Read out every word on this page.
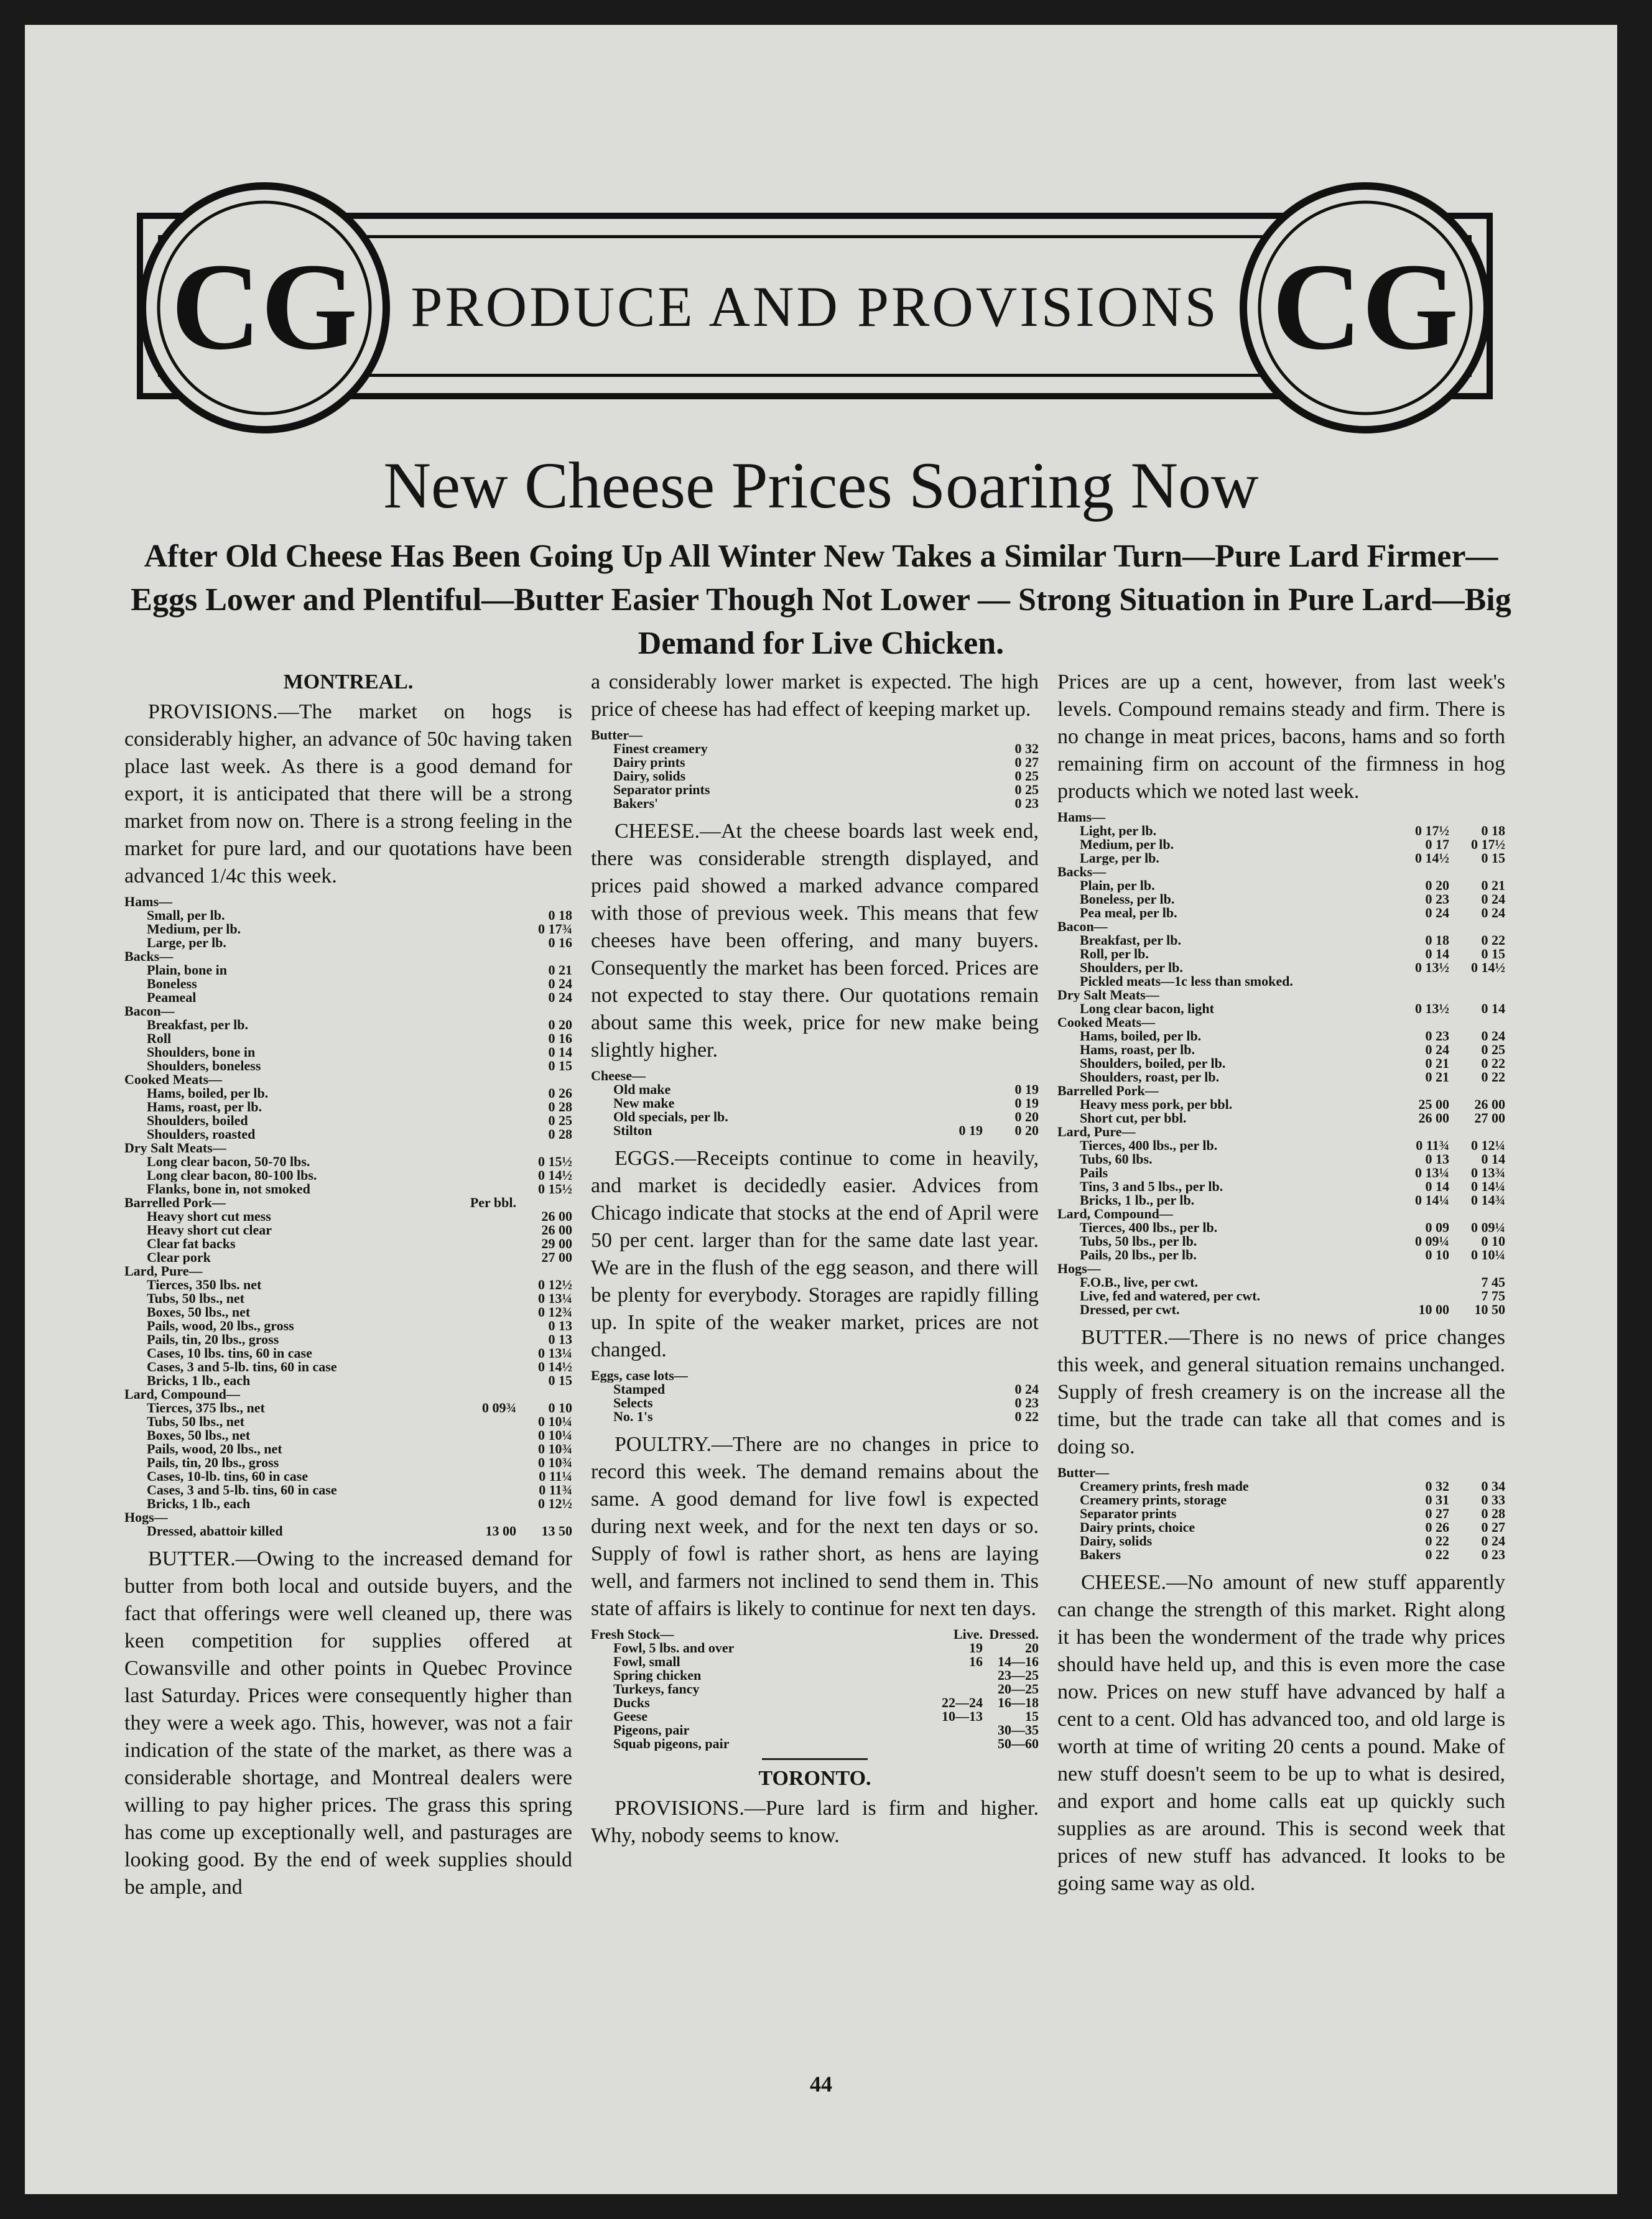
CG	CG
PRODUCE AND PROVISIONS
New Cheese Prices Soaring Now
After Old Cheese Has Been Going Up All Winter New Takes a Similar Turn—Pure Lard Firmer—Eggs Lower and Plentiful—Butter Easier Though Not Lower — Strong Situation in Pure Lard—Big Demand for Live Chicken.
MONTREAL.

PROVISIONS.—The market on hogs is considerably higher, an advance of 50c having taken place last week. As there is a good demand for export, it is anticipated that there will be a strong market from now on. There is a strong feeling in the market for pure lard, and our quotations have been advanced 1/4c this week.

Hams—		
Small, per lb.		0 18
Medium, per lb.		0 17¾
Large, per lb.		0 16
Backs—		
Plain, bone in		0 21
Boneless		0 24
Peameal		0 24
Bacon—		
Breakfast, per lb.		0 20
Roll		0 16
Shoulders, bone in		0 14
Shoulders, boneless		0 15
Cooked Meats—		
Hams, boiled, per lb.		0 26
Hams, roast, per lb.		0 28
Shoulders, boiled		0 25
Shoulders, roasted		0 28
Dry Salt Meats—		
Long clear bacon, 50-70 lbs.		0 15½
Long clear bacon, 80-100 lbs.		0 14½
Flanks, bone in, not smoked		0 15½
Barrelled Pork—	Per bbl.	
Heavy short cut mess		26 00
Heavy short cut clear		26 00
Clear fat backs		29 00
Clear pork		27 00
Lard, Pure—		
Tierces, 350 lbs. net		0 12½
Tubs, 50 lbs., net		0 13¼
Boxes, 50 lbs., net		0 12¾
Pails, wood, 20 lbs., gross		0 13
Pails, tin, 20 lbs., gross		0 13
Cases, 10 lbs. tins, 60 in case		0 13¼
Cases, 3 and 5-lb. tins, 60 in case		0 14½
Bricks, 1 lb., each		0 15
Lard, Compound—		
Tierces, 375 lbs., net	0 09¾	0 10
Tubs, 50 lbs., net		0 10¼
Boxes, 50 lbs., net		0 10¼
Pails, wood, 20 lbs., net		0 10¾
Pails, tin, 20 lbs., gross		0 10¾
Cases, 10-lb. tins, 60 in case		0 11¼
Cases, 3 and 5-lb. tins, 60 in case		0 11¾
Bricks, 1 lb., each		0 12½
Hogs—		
Dressed, abattoir killed	13 00	13 50

BUTTER.—Owing to the increased demand for butter from both local and outside buyers, and the fact that offerings were well cleaned up, there was keen competition for supplies offered at Cowansville and other points in Quebec Province last Saturday. Prices were consequently higher than they were a week ago. This, however, was not a fair indication of the state of the market, as there was a considerable shortage, and Montreal dealers were willing to pay higher prices. The grass this spring has come up exceptionally well, and pasturages are looking good. By the end of week supplies should be ample, and

a considerably lower market is expected. The high price of cheese has had effect of keeping market up.

Butter—		
Finest creamery		0 32
Dairy prints		0 27
Dairy, solids		0 25
Separator prints		0 25
Bakers'		0 23

CHEESE.—At the cheese boards last week end, there was considerable strength displayed, and prices paid showed a marked advance compared with those of previous week. This means that few cheeses have been offering, and many buyers. Consequently the market has been forced. Prices are not expected to stay there. Our quotations remain about same this week, price for new make being slightly higher.

Cheese—		
Old make		0 19
New make		0 19
Old specials, per lb.		0 20
Stilton	0 19	0 20

EGGS.—Receipts continue to come in heavily, and market is decidedly easier. Advices from Chicago indicate that stocks at the end of April were 50 per cent. larger than for the same date last year. We are in the flush of the egg season, and there will be plenty for everybody. Storages are rapidly filling up. In spite of the weaker market, prices are not changed.

Eggs, case lots—		
Stamped		0 24
Selects		0 23
No. 1's		0 22

POULTRY.—There are no changes in price to record this week. The demand remains about the same. A good demand for live fowl is expected during next week, and for the next ten days or so. Supply of fowl is rather short, as hens are laying well, and farmers not inclined to send them in. This state of affairs is likely to continue for next ten days.

Fresh Stock—	Live.	Dressed.
Fowl, 5 lbs. and over	19	20
Fowl, small	16	14—16
Spring chicken		23—25
Turkeys, fancy		20—25
Ducks	22—24	16—18
Geese	10—13	15
Pigeons, pair		30—35
Squab pigeons, pair		50—60
TORONTO.

PROVISIONS.—Pure lard is firm and higher. Why, nobody seems to know.

Prices are up a cent, however, from last week's levels. Compound remains steady and firm. There is no change in meat prices, bacons, hams and so forth remaining firm on account of the firmness in hog products which we noted last week.

Hams—		
Light, per lb.	0 17½	0 18
Medium, per lb.	0 17	0 17½
Large, per lb.	0 14½	0 15
Backs—		
Plain, per lb.	0 20	0 21
Boneless, per lb.	0 23	0 24
Pea meal, per lb.	0 24	0 24
Bacon—		
Breakfast, per lb.	0 18	0 22
Roll, per lb.	0 14	0 15
Shoulders, per lb.	0 13½	0 14½
Pickled meats—1c less than smoked.		
Dry Salt Meats—		
Long clear bacon, light	0 13½	0 14
Cooked Meats—		
Hams, boiled, per lb.	0 23	0 24
Hams, roast, per lb.	0 24	0 25
Shoulders, boiled, per lb.	0 21	0 22
Shoulders, roast, per lb.	0 21	0 22
Barrelled Pork—		
Heavy mess pork, per bbl.	25 00	26 00
Short cut, per bbl.	26 00	27 00
Lard, Pure—		
Tierces, 400 lbs., per lb.	0 11¾	0 12¼
Tubs, 60 lbs.	0 13	0 14
Pails	0 13¼	0 13¾
Tins, 3 and 5 lbs., per lb.	0 14	0 14¼
Bricks, 1 lb., per lb.	0 14¼	0 14¾
Lard, Compound—		
Tierces, 400 lbs., per lb.	0 09	0 09¼
Tubs, 50 lbs., per lb.	0 09¼	0 10
Pails, 20 lbs., per lb.	0 10	0 10¼
Hogs—		
F.O.B., live, per cwt.		7 45
Live, fed and watered, per cwt.		7 75
Dressed, per cwt.	10 00	10 50

BUTTER.—There is no news of price changes this week, and general situation remains unchanged. Supply of fresh creamery is on the increase all the time, but the trade can take all that comes and is doing so.

Butter—		
Creamery prints, fresh made	0 32	0 34
Creamery prints, storage	0 31	0 33
Separator prints	0 27	0 28
Dairy prints, choice	0 26	0 27
Dairy, solids	0 22	0 24
Bakers	0 22	0 23

CHEESE.—No amount of new stuff apparently can change the strength of this market. Right along it has been the wonderment of the trade why prices should have held up, and this is even more the case now. Prices on new stuff have advanced by half a cent to a cent. Old has advanced too, and old large is worth at time of writing 20 cents a pound. Make of new stuff doesn't seem to be up to what is desired, and export and home calls eat up quickly such supplies as are around. This is second week that prices of new stuff has advanced. It looks to be going same way as old.

44
